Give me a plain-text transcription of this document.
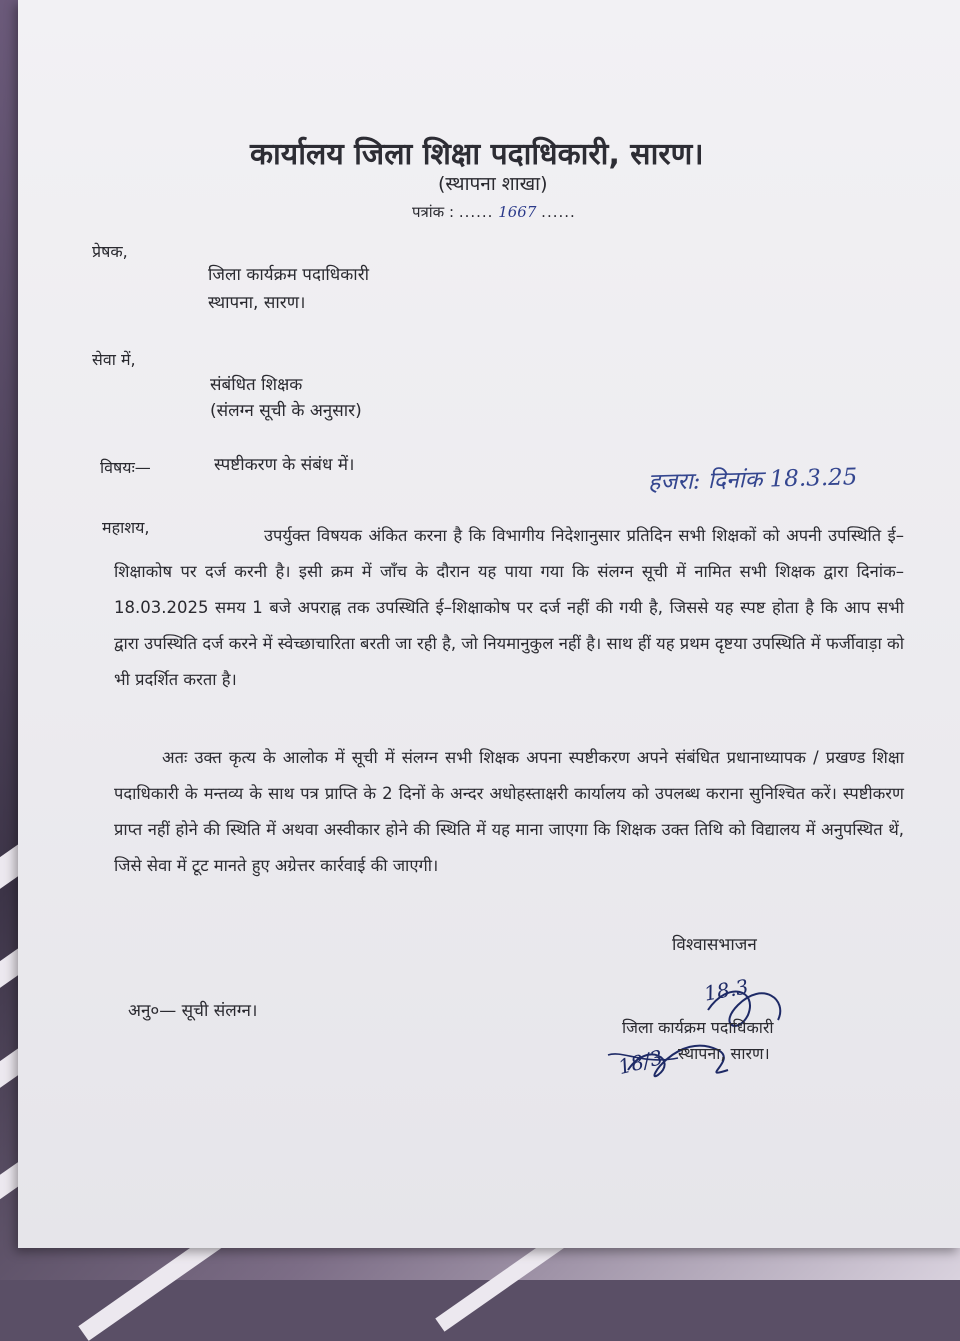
कार्यालय जिला शिक्षा पदाधिकारी, सारण।
(स्थापना शाखा)
पत्रांक : ...... 1667 ......
प्रेषक,
जिला कार्यक्रम पदाधिकारी
स्थापना, सारण।
सेवा में,
संबंधित शिक्षक
(संलग्न सूची के अनुसार)
विषयः—	स्पष्टीकरण के संबंध में।	हजरा: दिनांक 18.3.25
महाशय,	उपर्युक्त विषयक अंकित करना है कि विभागीय निदेशानुसार प्रतिदिन सभी शिक्षकों को अपनी उपस्थिति ई–शिक्षाकोष पर दर्ज करनी है। इसी क्रम में जाँच के दौरान यह पाया गया कि संलग्न सूची में नामित सभी शिक्षक द्वारा दिनांक–18.03.2025 समय 1 बजे अपराह्न तक उपस्थिति ई–शिक्षाकोष पर दर्ज नहीं की गयी है, जिससे यह स्पष्ट होता है कि आप सभी द्वारा उपस्थिति दर्ज करने में स्वेच्छाचारिता बरती जा रही है, जो नियमानुकुल नहीं है। साथ हीं यह प्रथम दृष्टया उपस्थिति में फर्जीवाड़ा को भी प्रदर्शित करता है।
अतः उक्त कृत्य के आलोक में सूची में संलग्न सभी शिक्षक अपना स्पष्टीकरण अपने संबंधित प्रधानाध्यापक / प्रखण्ड शिक्षा पदाधिकारी के मन्तव्य के साथ पत्र प्राप्ति के 2 दिनों के अन्दर अधोहस्ताक्षरी कार्यालय को उपलब्ध कराना सुनिश्चित करें। स्पष्टीकरण प्राप्त नहीं होने की स्थिति में अथवा अस्वीकार होने की स्थिति में यह माना जाएगा कि शिक्षक उक्त तिथि को विद्यालय में अनुपस्थित थें, जिसे सेवा में टूट मानते हुए अग्रेत्तर कार्रवाई की जाएगी।
विश्वासभाजन
अनु०— सूची संलग्न।
18.3
जिला कार्यक्रम पदाधिकारी
स्थापना, सारण।
18/3
